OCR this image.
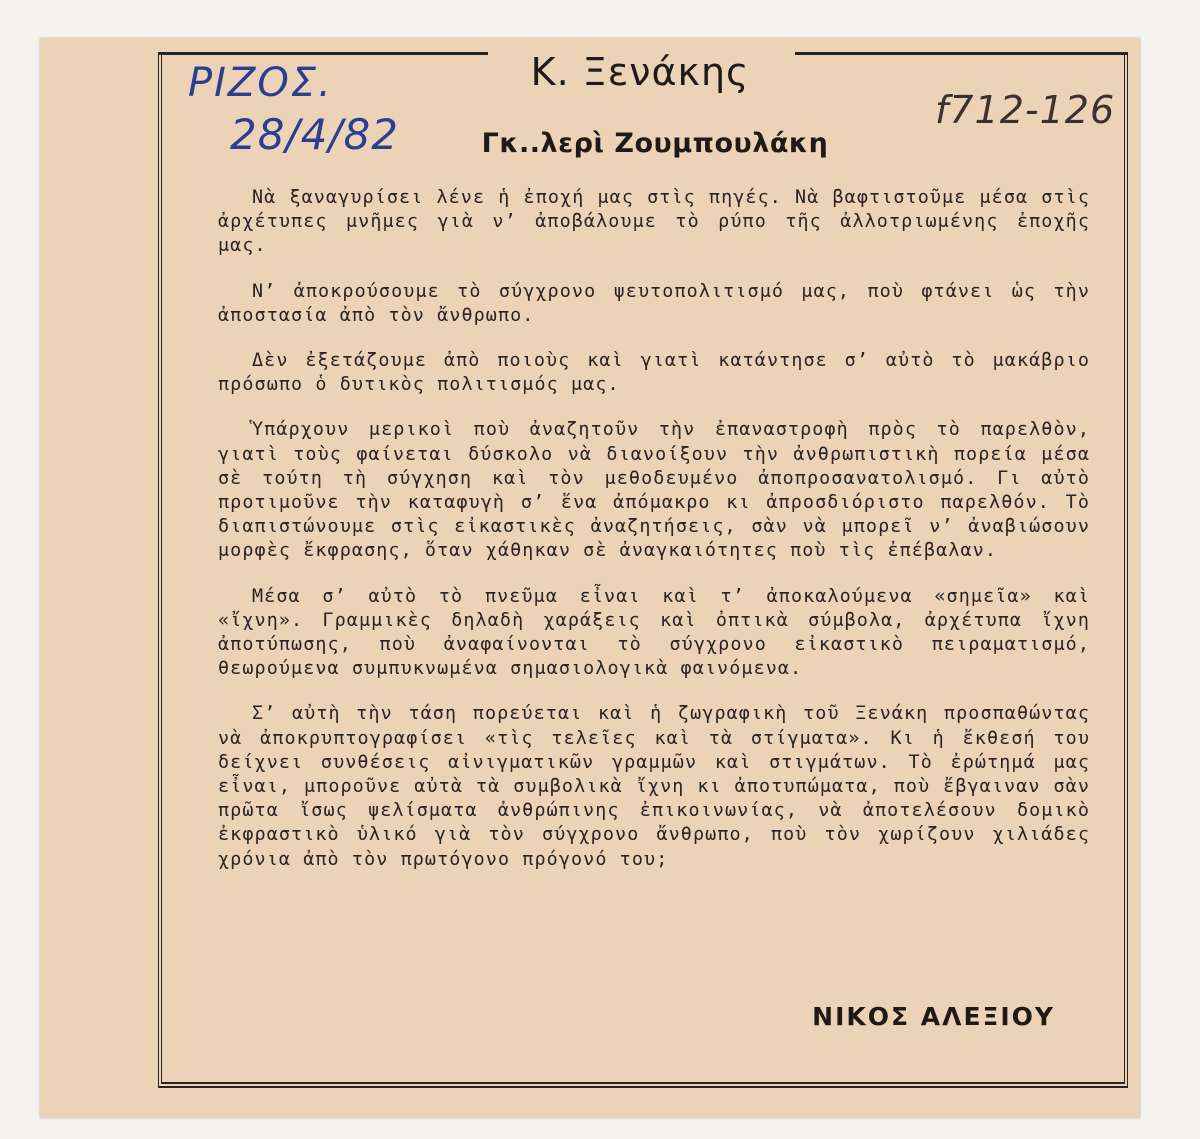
ΡΙΖΟΣ.
28/4/82	f712-126
Κ. Ξενάκης
Γκ..λερὶ Ζουμπουλάκη

Νὰ ξαναγυρίσει λένε ἡ ἐποχή μας στὶς πηγές. Νὰ βαφτιστοῦμε μέσα στὶς ἀρχέτυπες μνῆμες γιὰ ν’ ἀποβάλουμε τὸ ρύπο τῆς ἀλλοτριωμένης ἐποχῆς μας.

Ν’ ἀποκρούσουμε τὸ σύγχρονο ψευτοπολιτισμό μας, ποὺ φτάνει ὡς τὴν ἀποστασία ἀπὸ τὸν ἄνθρωπο.

Δὲν ἐξετάζουμε ἀπὸ ποιοὺς καὶ γιατὶ κατάντησε σ’ αὐτὸ τὸ μακάβριο πρόσωπο ὁ δυτικὸς πολιτισμός μας.

Ὑπάρχουν μερικοὶ ποὺ ἀναζητοῦν τὴν ἐπαναστροφὴ πρὸς τὸ παρελθὸν, γιατὶ τοὺς φαίνεται δύσκολο νὰ διανοίξουν τὴν ἀνθρωπιστικὴ πορεία μέσα σὲ τούτη τὴ σύγχηση καὶ τὸν μεθοδευμένο ἀποπροσανατολισμό. Γι αὐτὸ προτιμοῦνε τὴν καταφυγὴ σ’ ἕνα ἀπόμακρο κι ἀπροσδιόριστο παρελθόν. Τὸ διαπιστώνουμε στὶς εἰκαστικὲς ἀναζητήσεις, σὰν νὰ μπορεῖ ν’ ἀναβιώσουν μορφὲς ἔκφρασης, ὅταν χάθηκαν σὲ ἀναγκαιότητες ποὺ τὶς ἐπέβαλαν.

Μέσα σ’ αὐτὸ τὸ πνεῦμα εἶναι καὶ τ’ ἀποκαλούμενα «σημεῖα» καὶ «ἴχνη». Γραμμικὲς δηλαδὴ χαράξεις καὶ ὀπτικὰ σύμβολα, ἀρχέτυπα ἴχνη ἀποτύπωσης, ποὺ ἀναφαίνονται τὸ σύγχρονο εἰκαστικὸ πειραματισμό, θεωρούμενα συμπυκνωμένα σημασιολογικὰ φαινόμενα.

Σ’ αὐτὴ τὴν τάση πορεύεται καὶ ἡ ζωγραφικὴ τοῦ Ξενάκη προσπαθώντας νὰ ἀποκρυπτογραφίσει «τὶς τελεῖες καὶ τὰ στίγματα». Κι ἡ ἔκθεσή του δείχνει συνθέσεις αἰνιγματικῶν γραμμῶν καὶ στιγμάτων. Τὸ ἐρώτημά μας εἶναι, μποροῦνε αὐτὰ τὰ συμβολικὰ ἴχνη κι ἀποτυπώματα, ποὺ ἔβγαιναν σὰν πρῶτα ἴσως ψελίσματα ἀνθρώπινης ἐπικοινωνίας, νὰ ἀποτελέσουν δομικὸ ἐκφραστικὸ ὑλικό γιὰ τὸν σύγχρονο ἄνθρωπο, ποὺ τὸν χωρίζουν χιλιάδες χρόνια ἀπὸ τὸν πρωτόγονο πρόγονό του;

ΝΙΚΟΣ ΑΛΕΞΙΟΥ
